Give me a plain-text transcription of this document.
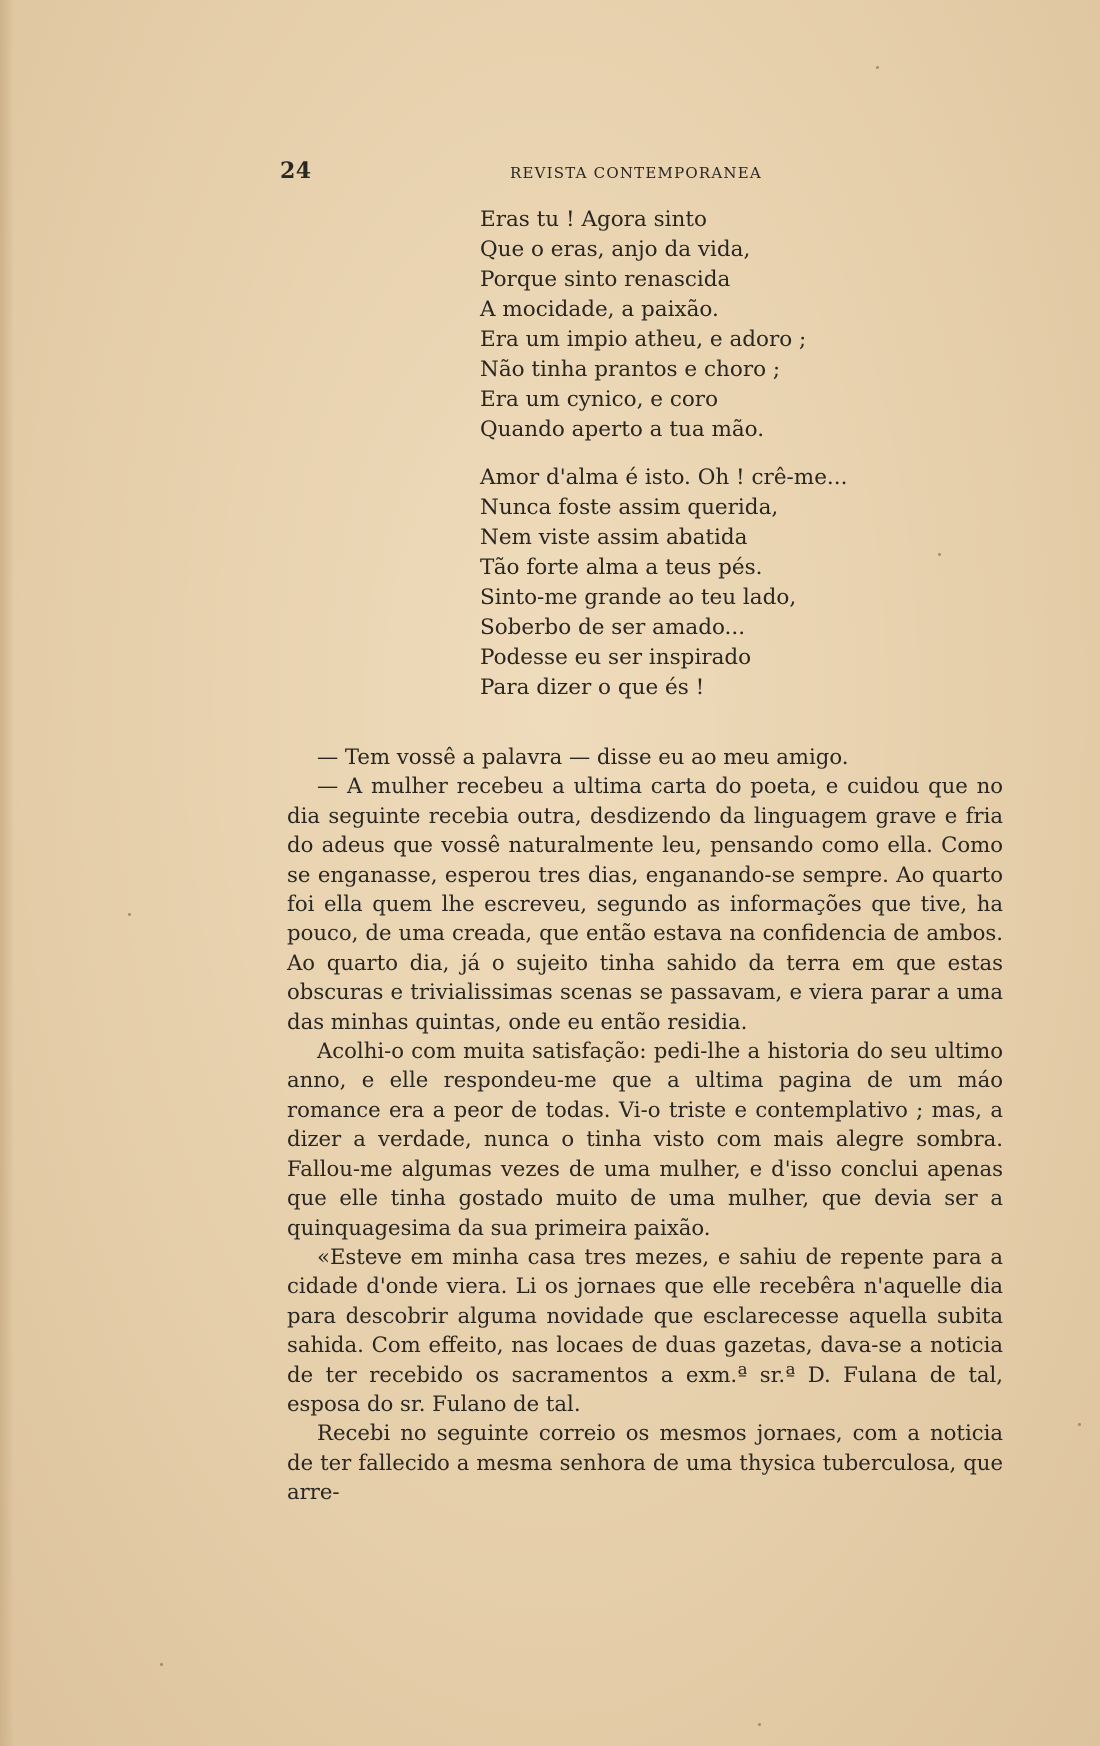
24	REVISTA CONTEMPORANEA
Eras tu ! Agora sinto
Que o eras, anjo da vida,
Porque sinto renascida
A mocidade, a paixão.
Era um impio atheu, e adoro ;
Não tinha prantos e choro ;
Era um cynico, e coro
Quando aperto a tua mão.
Amor d'alma é isto. Oh ! crê-me...
Nunca foste assim querida,
Nem viste assim abatida
Tão forte alma a teus pés.
Sinto-me grande ao teu lado,
Soberbo de ser amado...
Podesse eu ser inspirado
Para dizer o que és !

— Tem vossê a palavra — disse eu ao meu amigo.

— A mulher recebeu a ultima carta do poeta, e cuidou que no dia seguinte recebia outra, desdizendo da linguagem grave e fria do adeus que vossê naturalmente leu, pensando como ella. Como se enganasse, esperou tres dias, enganando-se sempre. Ao quarto foi ella quem lhe escreveu, segundo as informações que tive, ha pouco, de uma creada, que então estava na confidencia de ambos. Ao quarto dia, já o sujeito tinha sahido da terra em que estas obscuras e trivialissimas scenas se passavam, e viera parar a uma das minhas quintas, onde eu então residia.

Acolhi-o com muita satisfação: pedi-lhe a historia do seu ultimo anno, e elle respondeu-me que a ultima pagina de um máo romance era a peor de todas. Vi-o triste e contemplativo ; mas, a dizer a verdade, nunca o tinha visto com mais alegre sombra. Fallou-me algumas vezes de uma mulher, e d'isso conclui apenas que elle tinha gostado muito de uma mulher, que devia ser a quinquagesima da sua primeira paixão.

«Esteve em minha casa tres mezes, e sahiu de repente para a cidade d'onde viera. Li os jornaes que elle recebêra n'aquelle dia para descobrir alguma novidade que esclarecesse aquella subita sahida. Com effeito, nas locaes de duas gazetas, dava-se a noticia de ter recebido os sacramentos a exm.ª sr.ª D. Fulana de tal, esposa do sr. Fulano de tal.

Recebi no seguinte correio os mesmos jornaes, com a noticia de ter fallecido a mesma senhora de uma thysica tuberculosa, que arre-
